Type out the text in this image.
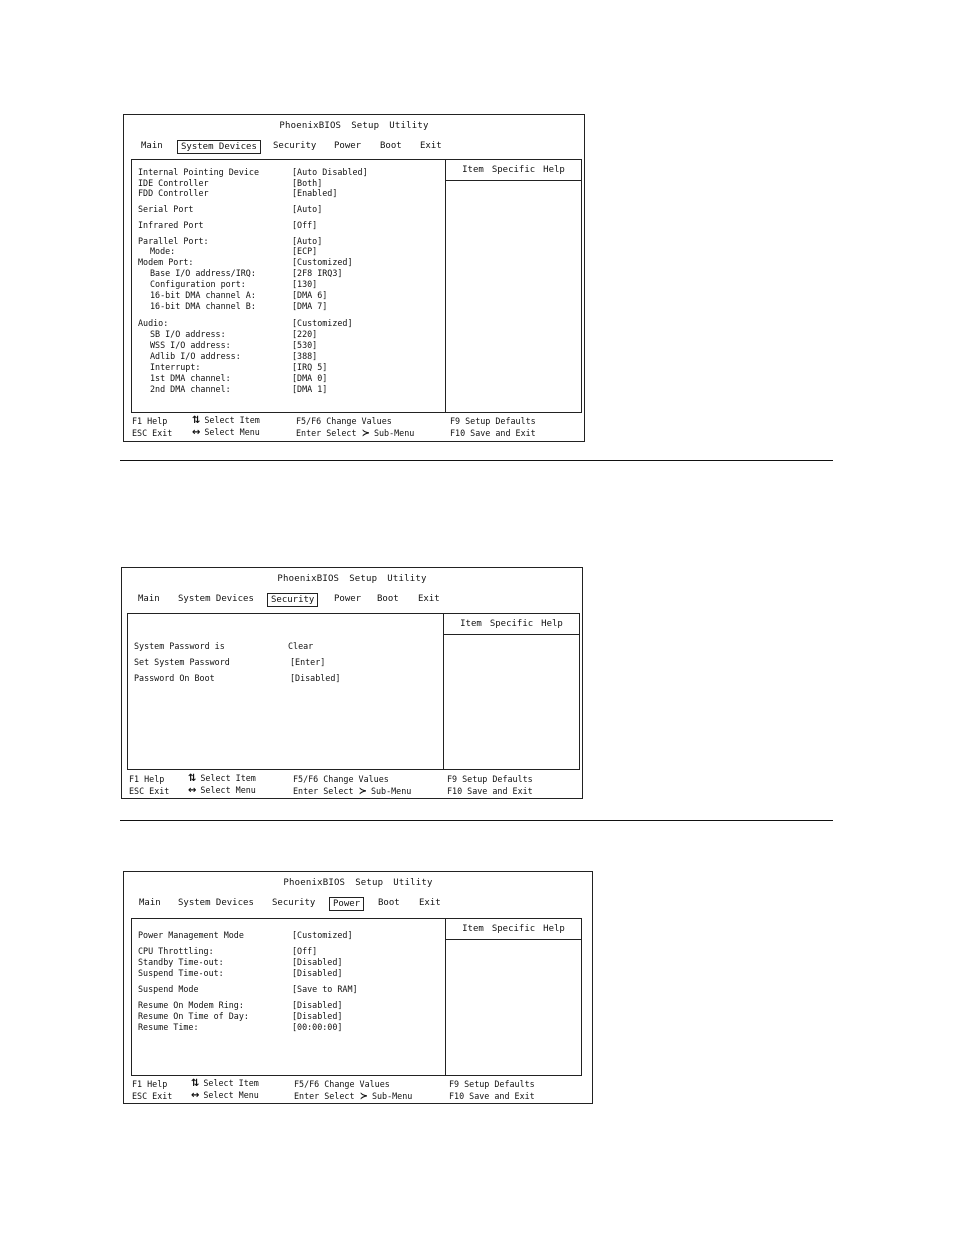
PhoenixBIOS Setup Utility
Main	System Devices	Security	Power	Boot	Exit
Internal Pointing Device	[Auto Disabled]
IDE Controller	[Both]
FDD Controller	[Enabled]
Serial Port	[Auto]
Infrared Port	[Off]
Parallel Port:	[Auto]
Mode:	[ECP]
Modem Port:	[Customized]
Base I/O address/IRQ:	[2F8 IRQ3]
Configuration port:	[130]
16-bit DMA channel A:	[DMA 6]
16-bit DMA channel B:	[DMA 7]
Audio:	[Customized]
SB I/O address:	[220]
WSS I/O address:	[530]
Adlib I/O address:	[388]
Interrupt:	[IRQ 5]
1st DMA channel:	[DMA 0]
2nd DMA channel:	[DMA 1]
Item Specific Help
F1 Help
ESC Exit
⇅ Select Item
↔ Select Menu
F5/F6 Change Values
Enter Select ≻ Sub-Menu
F9 Setup Defaults
F10 Save and Exit
PhoenixBIOS Setup Utility
Main	System Devices	Security	Power	Boot	Exit
System Password is	Clear
Set System Password	[Enter]
Password On Boot	[Disabled]
Item Specific Help
F1 Help
ESC Exit
⇅ Select Item
↔ Select Menu
F5/F6 Change Values
Enter Select ≻ Sub-Menu
F9 Setup Defaults
F10 Save and Exit
PhoenixBIOS Setup Utility
Main	System Devices	Security	Power	Boot	Exit
Power Management Mode	[Customized]
CPU Throttling:	[Off]
Standby Time-out:	[Disabled]
Suspend Time-out:	[Disabled]
Suspend Mode	[Save to RAM]
Resume On Modem Ring:	[Disabled]
Resume On Time of Day:	[Disabled]
Resume Time:	[00:00:00]
Item Specific Help
F1 Help
ESC Exit
⇅ Select Item
↔ Select Menu
F5/F6 Change Values
Enter Select ≻ Sub-Menu
F9 Setup Defaults
F10 Save and Exit
